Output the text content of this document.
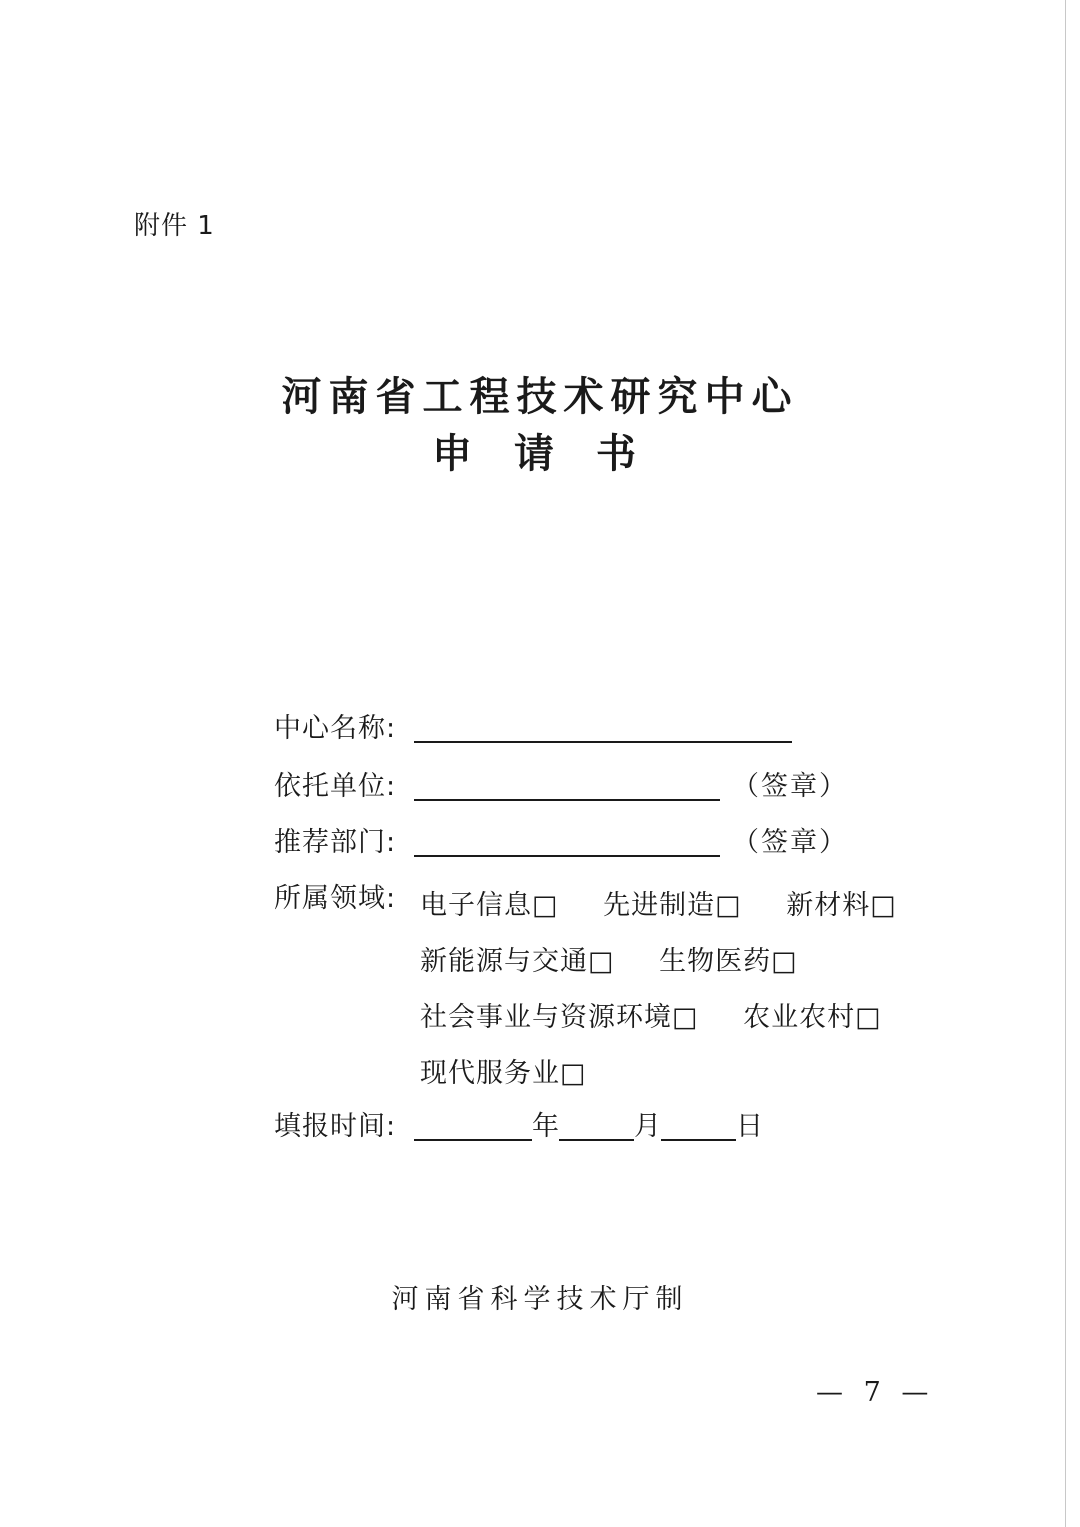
附件 1
河南省工程技术研究中心
申请书
中心名称:
依托单位:	（签章）
推荐部门:	（签章）
所属领域: 电子信息□ 先进制造□ 新材料□
新能源与交通□ 生物医药□
社会事业与资源环境□ 农业农村□
现代服务业□
填报时间:	年	月	日
河南省科学技术厅制
— 7 —
